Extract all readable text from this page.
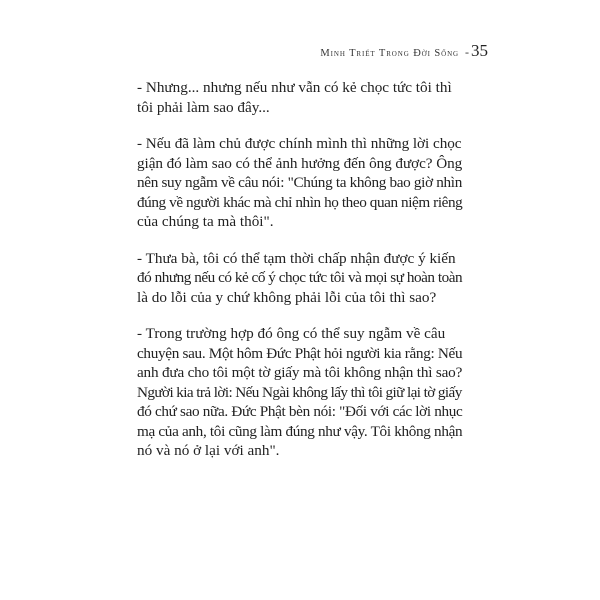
Minh Triết Trong Đời Sống - 35

- Nhưng... nhưng nếu như vẫn có kẻ chọc tức tôi thì
tôi phải làm sao đây...

- Nếu đã làm chủ được chính mình thì những lời chọc
giận đó làm sao có thể ảnh hưởng đến ông được? Ông
nên suy ngẫm về câu nói: "Chúng ta không bao giờ nhìn
đúng về người khác mà chỉ nhìn họ theo quan niệm riêng
của chúng ta mà thôi".

- Thưa bà, tôi có thể tạm thời chấp nhận được ý kiến
đó nhưng nếu có kẻ cố ý chọc tức tôi và mọi sự hoàn toàn
là do lỗi của y chứ không phải lỗi của tôi thì sao?

- Trong trường hợp đó ông có thể suy ngẫm về câu
chuyện sau. Một hôm Đức Phật hỏi người kia rằng: Nếu
anh đưa cho tôi một tờ giấy mà tôi không nhận thì sao?
Người kia trả lời: Nếu Ngài không lấy thì tôi giữ lại tờ giấy
đó chứ sao nữa. Đức Phật bèn nói: "Đối với các lời nhục
mạ của anh, tôi cũng làm đúng như vậy. Tôi không nhận
nó và nó ở lại với anh".
